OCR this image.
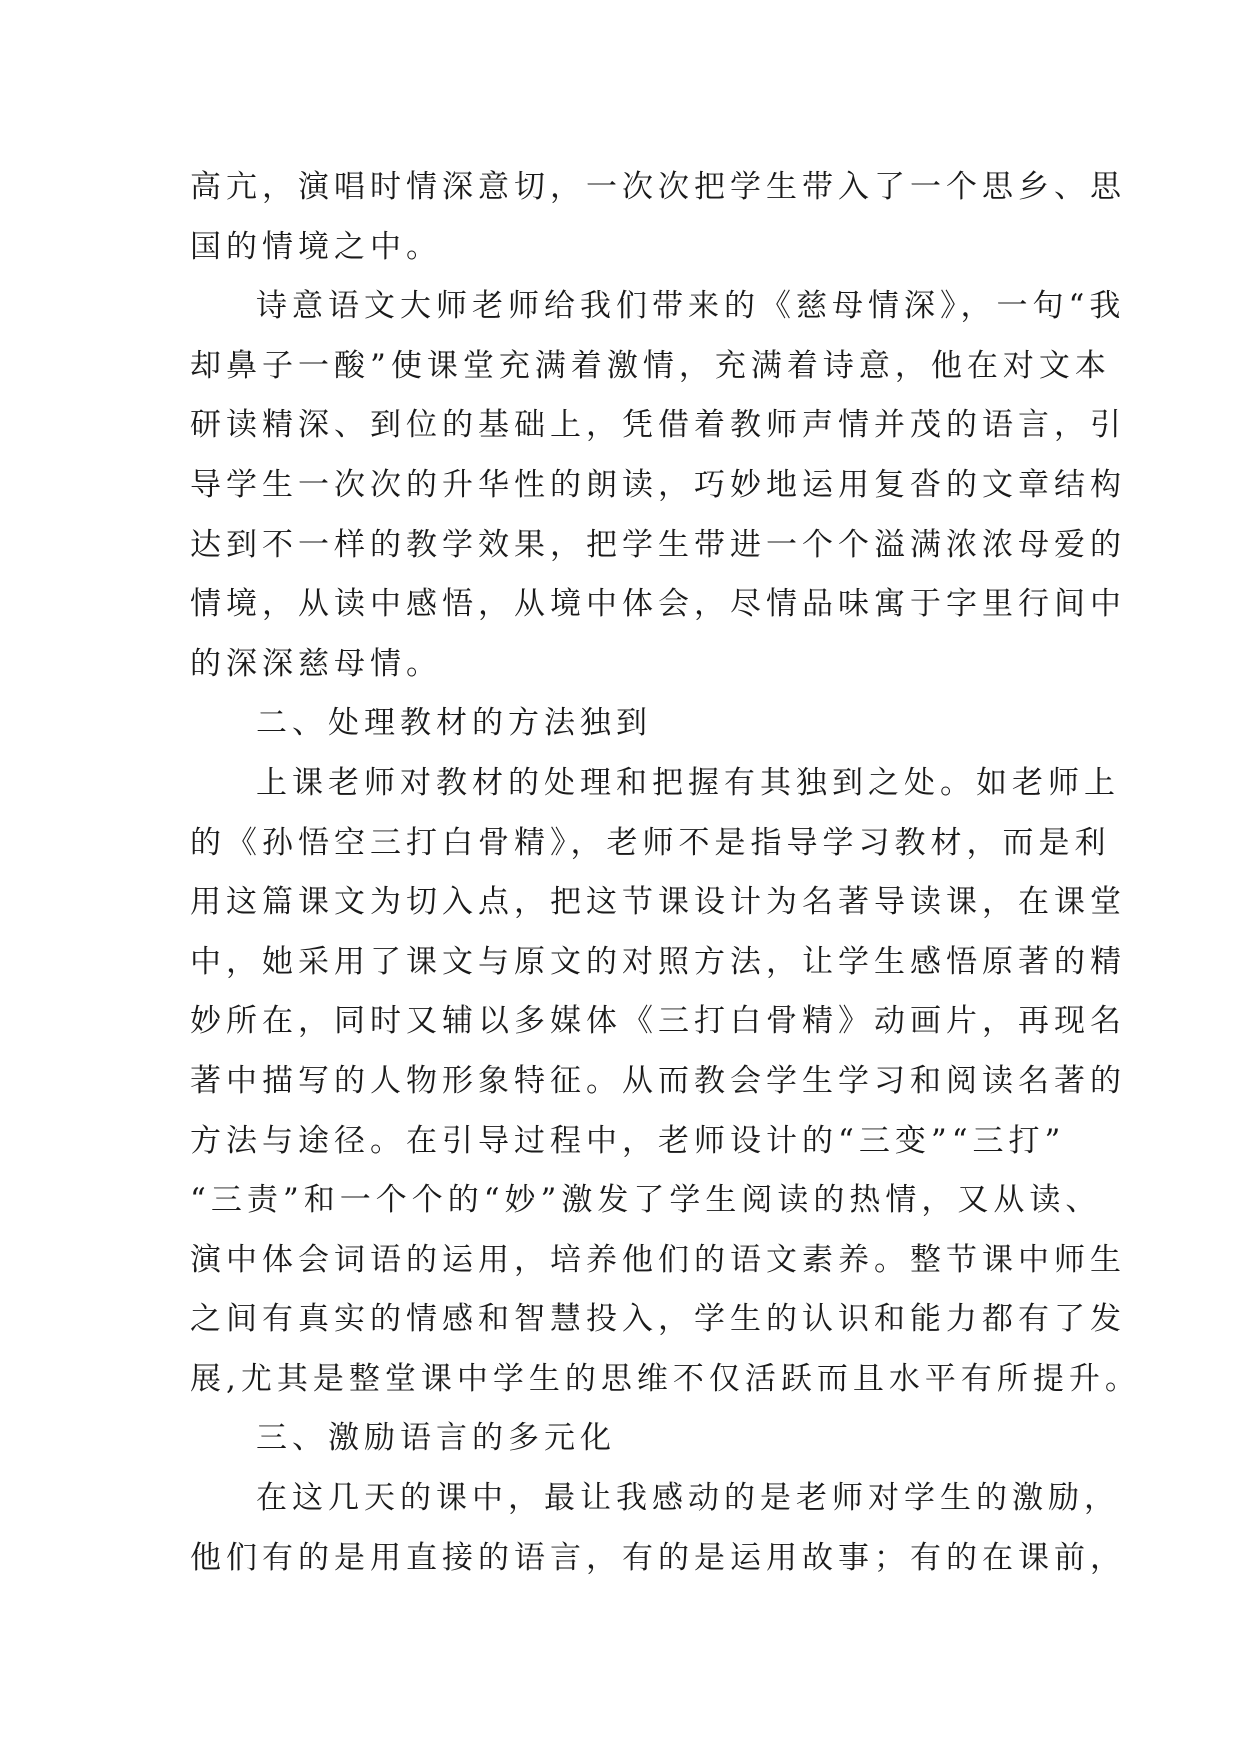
高亢，演唱时情深意切，一次次把学生带入了一个思乡、思
国的情境之中。
诗意语文大师老师给我们带来的《慈母情深》，一句“我
却鼻子一酸”使课堂充满着激情，充满着诗意，他在对文本
研读精深、到位的基础上，凭借着教师声情并茂的语言，引
导学生一次次的升华性的朗读，巧妙地运用复沓的文章结构
达到不一样的教学效果，把学生带进一个个溢满浓浓母爱的
情境，从读中感悟，从境中体会，尽情品味寓于字里行间中
的深深慈母情。
二、处理教材的方法独到
上课老师对教材的处理和把握有其独到之处。如老师上
的《孙悟空三打白骨精》，老师不是指导学习教材，而是利
用这篇课文为切入点，把这节课设计为名著导读课，在课堂
中，她采用了课文与原文的对照方法，让学生感悟原著的精
妙所在，同时又辅以多媒体《三打白骨精》动画片，再现名
著中描写的人物形象特征。从而教会学生学习和阅读名著的
方法与途径。在引导过程中，老师设计的“三变”“三打”
“三责”和一个个的“妙”激发了学生阅读的热情，又从读、
演中体会词语的运用，培养他们的语文素养。整节课中师生
之间有真实的情感和智慧投入，学生的认识和能力都有了发
展,尤其是整堂课中学生的思维不仅活跃而且水平有所提升。
三、激励语言的多元化
在这几天的课中，最让我感动的是老师对学生的激励，
他们有的是用直接的语言，有的是运用故事；有的在课前，
